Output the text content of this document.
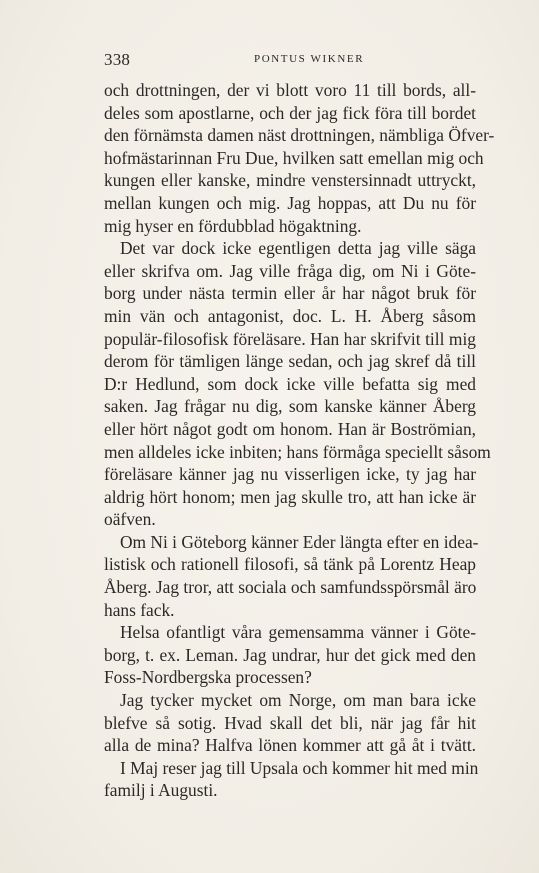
338	PONTUS WIKNER
och drottningen, der vi blott voro 11 till bords, all-
deles som apostlarne, och der jag fick föra till bordet
den förnämsta damen näst drottningen, nämbliga Öfver-
hofmästarinnan Fru Due, hvilken satt emellan mig och
kungen eller kanske, mindre venstersinnadt uttryckt,
mellan kungen och mig. Jag hoppas, att Du nu för
mig hyser en fördubblad högaktning.
Det var dock icke egentligen detta jag ville säga
eller skrifva om. Jag ville fråga dig, om Ni i Göte-
borg under nästa termin eller år har något bruk för
min vän och antagonist, doc. L. H. Åberg såsom
populär-filosofisk föreläsare. Han har skrifvit till mig
derom för tämligen länge sedan, och jag skref då till
D:r Hedlund, som dock icke ville befatta sig med
saken. Jag frågar nu dig, som kanske känner Åberg
eller hört något godt om honom. Han är Boströmian,
men alldeles icke inbiten; hans förmåga speciellt såsom
föreläsare känner jag nu visserligen icke, ty jag har
aldrig hört honom; men jag skulle tro, att han icke är
oäfven.
Om Ni i Göteborg känner Eder längta efter en idea-
listisk och rationell filosofi, så tänk på Lorentz Heap
Åberg. Jag tror, att sociala och samfundsspörsmål äro
hans fack.
Helsa ofantligt våra gemensamma vänner i Göte-
borg, t. ex. Leman. Jag undrar, hur det gick med den
Foss-Nordbergska processen?
Jag tycker mycket om Norge, om man bara icke
blefve så sotig. Hvad skall det bli, när jag får hit
alla de mina? Halfva lönen kommer att gå åt i tvätt.
I Maj reser jag till Upsala och kommer hit med min
familj i Augusti.
